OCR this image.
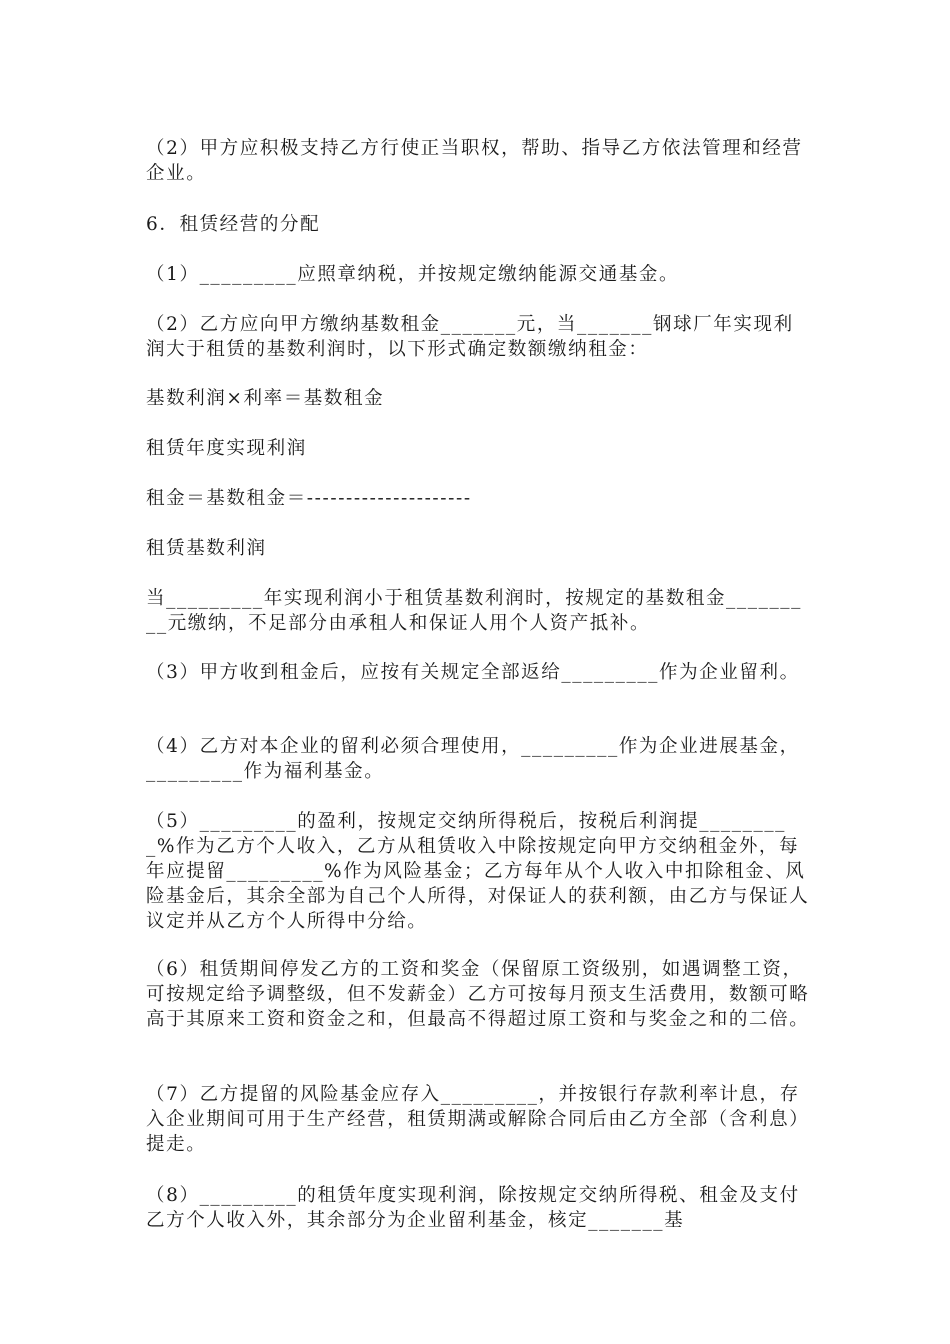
（2）甲方应积极支持乙方行使正当职权，帮助、指导乙方依法管理和经营企业。

6．租赁经营的分配

（1）_________应照章纳税，并按规定缴纳能源交通基金。

（2）乙方应向甲方缴纳基数租金_______元，当_______钢球厂年实现利润大于租赁的基数利润时，以下形式确定数额缴纳租金：

基数利润×利率＝基数租金

租赁年度实现利润

租金＝基数租金＝---------------------

租赁基数利润

当_________年实现利润小于租赁基数利润时，按规定的基数租金_________元缴纳，不足部分由承租人和保证人用个人资产抵补。

（3）甲方收到租金后，应按有关规定全部返给_________作为企业留利。

（4）乙方对本企业的留利必须合理使用，_________作为企业进展基金，_________作为福利基金。

（5）_________的盈利，按规定交纳所得税后，按税后利润提_________%作为乙方个人收入，乙方从租赁收入中除按规定向甲方交纳租金外，每年应提留_________%作为风险基金；乙方每年从个人收入中扣除租金、风险基金后，其余全部为自己个人所得，对保证人的获利额，由乙方与保证人议定并从乙方个人所得中分给。

（6）租赁期间停发乙方的工资和奖金（保留原工资级别，如遇调整工资，可按规定给予调整级，但不发薪金）乙方可按每月预支生活费用，数额可略高于其原来工资和资金之和，但最高不得超过原工资和与奖金之和的二倍。

（7）乙方提留的风险基金应存入_________，并按银行存款利率计息，存入企业期间可用于生产经营，租赁期满或解除合同后由乙方全部（含利息）提走。

（8）_________的租赁年度实现利润，除按规定交纳所得税、租金及支付乙方个人收入外，其余部分为企业留利基金，核定_______基
